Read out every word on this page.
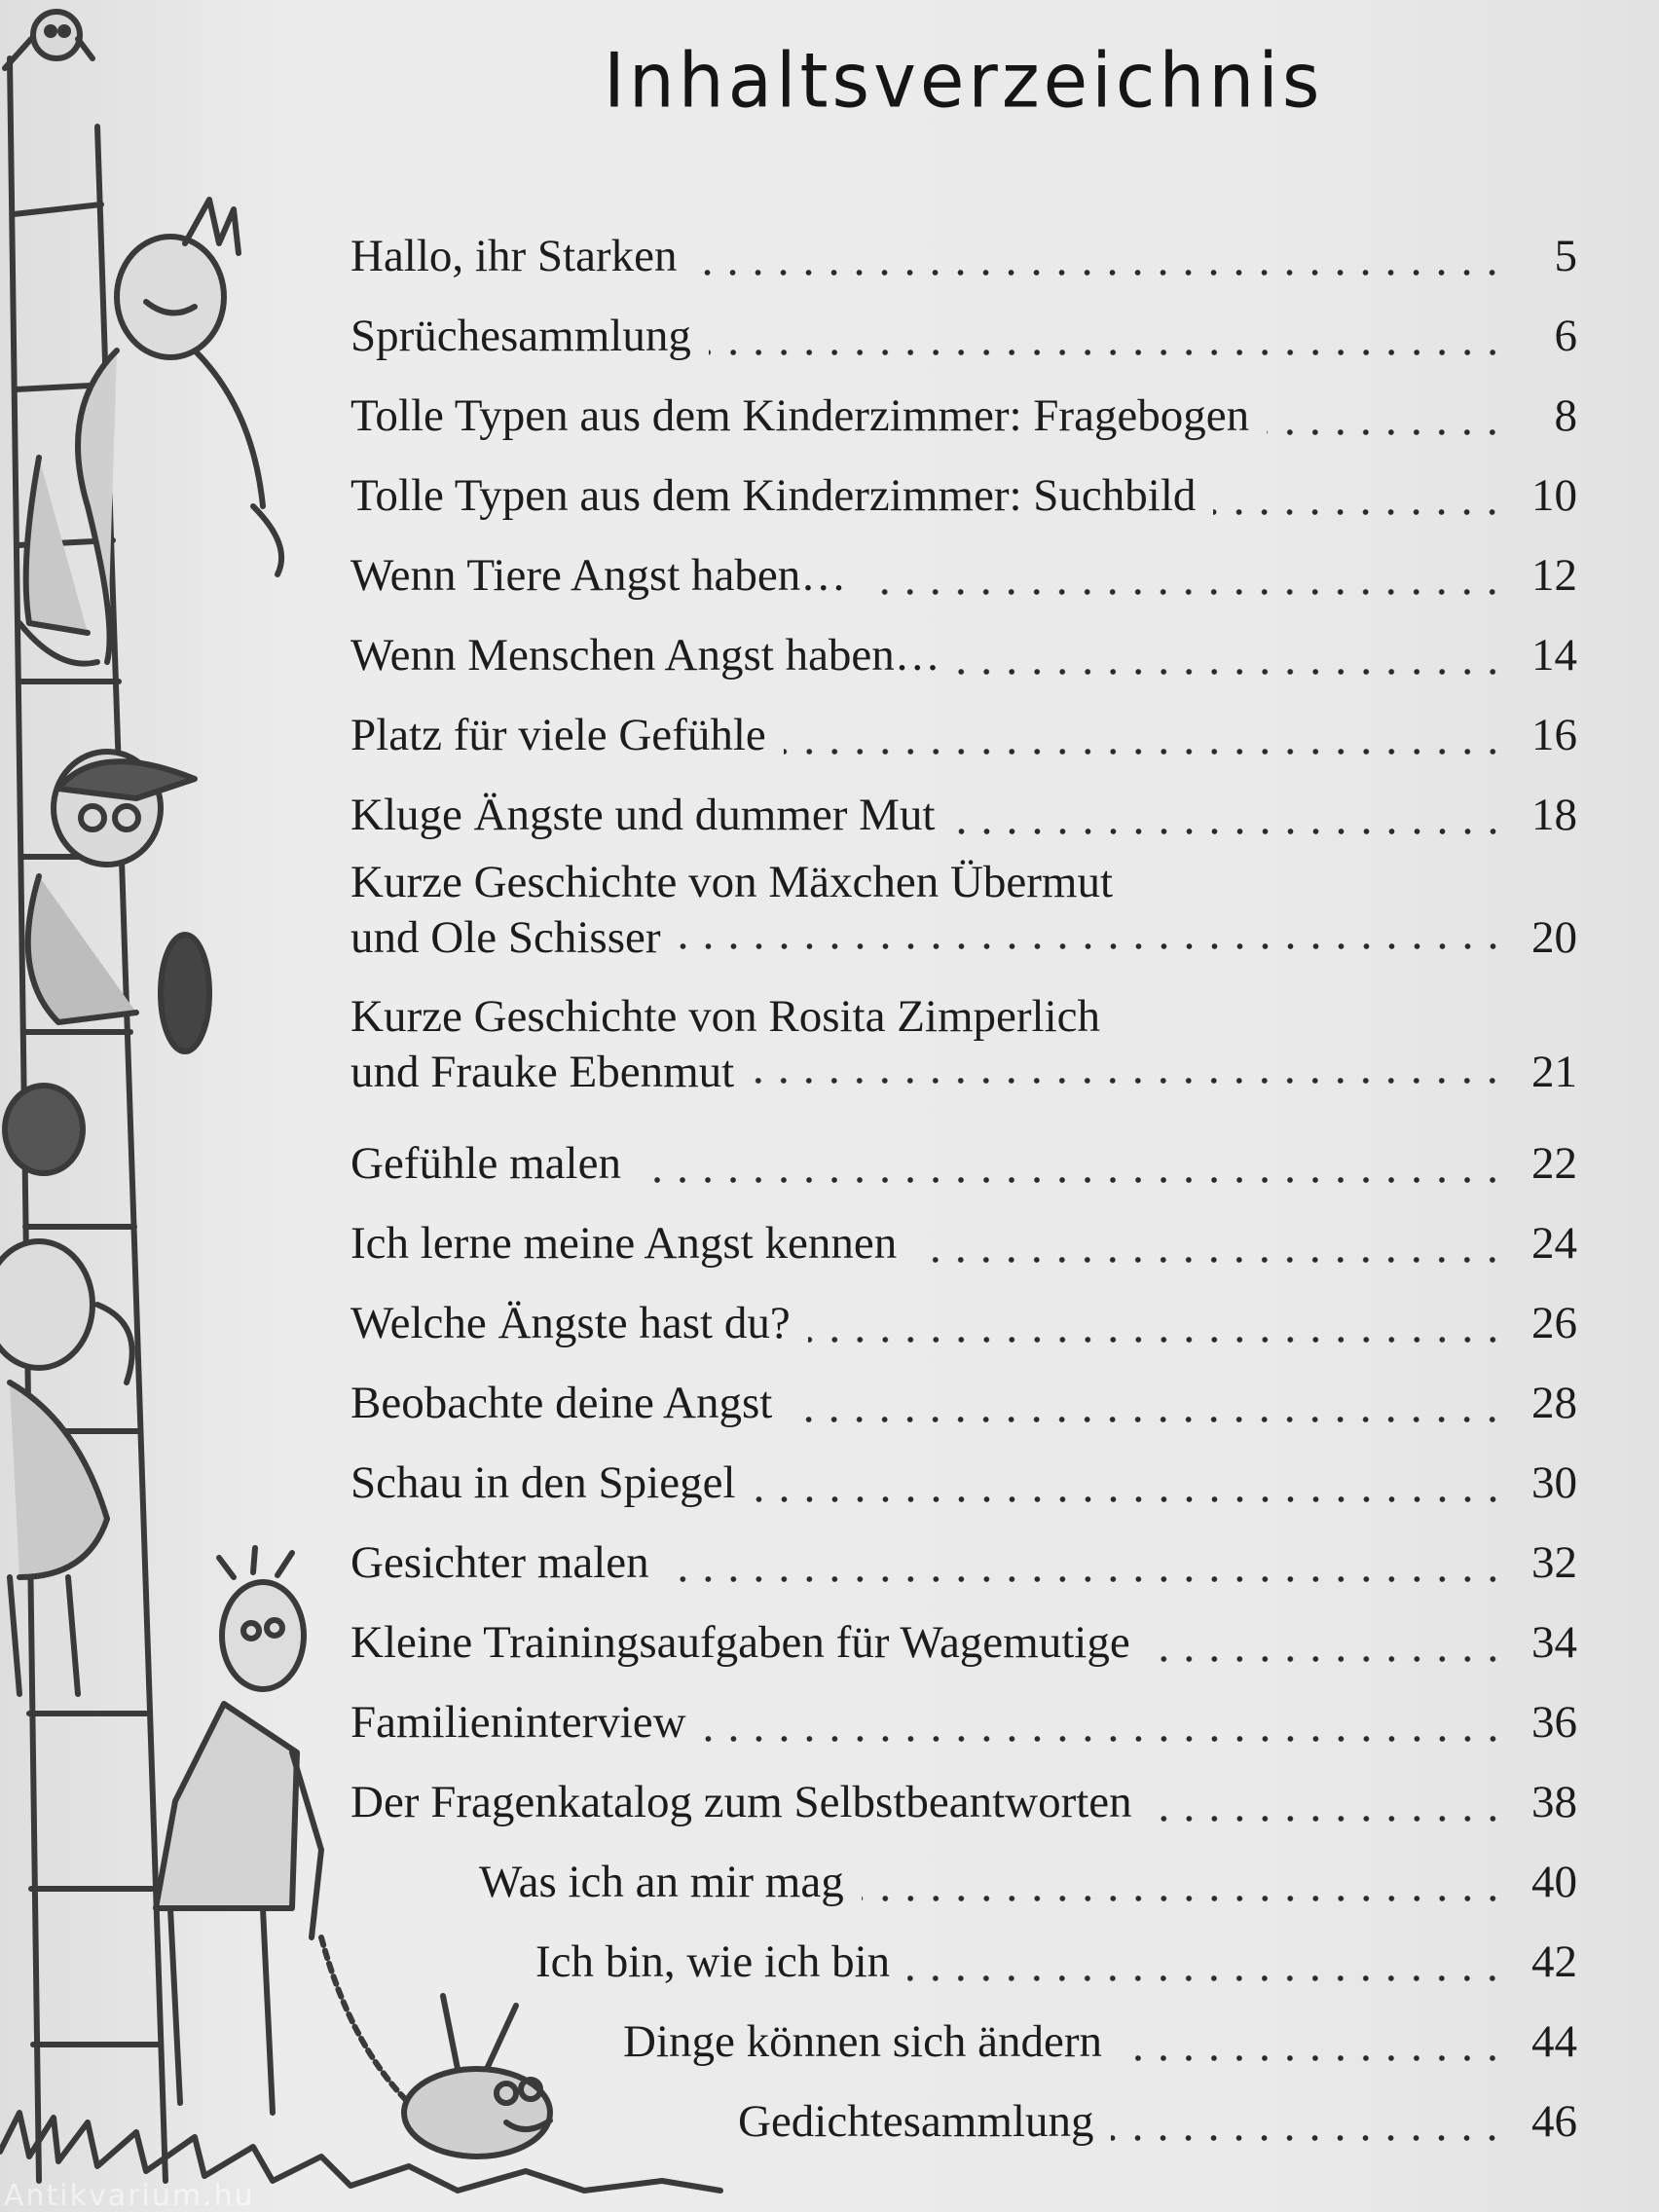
Inhaltsverzeichnis
Hallo, ihr Starken	5
Sprüchesammlung	6
Tolle Typen aus dem Kinderzimmer: Fragebogen	8
Tolle Typen aus dem Kinderzimmer: Suchbild	10
Wenn Tiere Angst haben…	12
Wenn Menschen Angst haben…	14
Platz für viele Gefühle	16
Kluge Ängste und dummer Mut	18
Kurze Geschichte von Mäxchen Übermut
und Ole Schisser	20
Kurze Geschichte von Rosita Zimperlich
und Frauke Ebenmut	21
Gefühle malen	22
Ich lerne meine Angst kennen	24
Welche Ängste hast du?	26
Beobachte deine Angst	28
Schau in den Spiegel	30
Gesichter malen	32
Kleine Trainingsaufgaben für Wagemutige	34
Familieninterview	36
Der Fragenkatalog zum Selbstbeantworten	38
Was ich an mir mag	40
Ich bin, wie ich bin	42
Dinge können sich ändern	44
Gedichtesammlung	46
Antikvarium.hu
